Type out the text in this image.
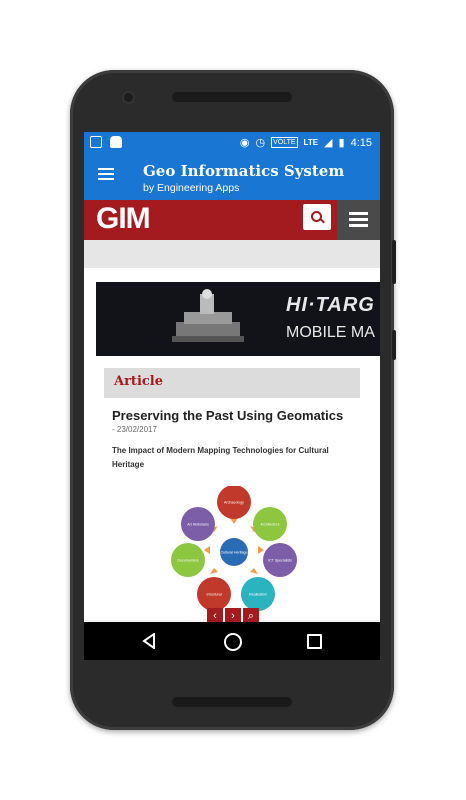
◉ ◷ VOLTE LTE ◢ ▮ 4:15
Geo Informatics System
by Engineering Apps
GIM
HI·TARG
MOBILE MA
Article
Preserving the Past Using Geomatics
- 23/02/2017
The Impact of Modern Mapping Technologies for Cultural Heritage
Archaeology
Architecture
ICT Specialists
Realisation
Structural
Documenters
Art Historians
Cultural Heritage
‹	›	⌕
